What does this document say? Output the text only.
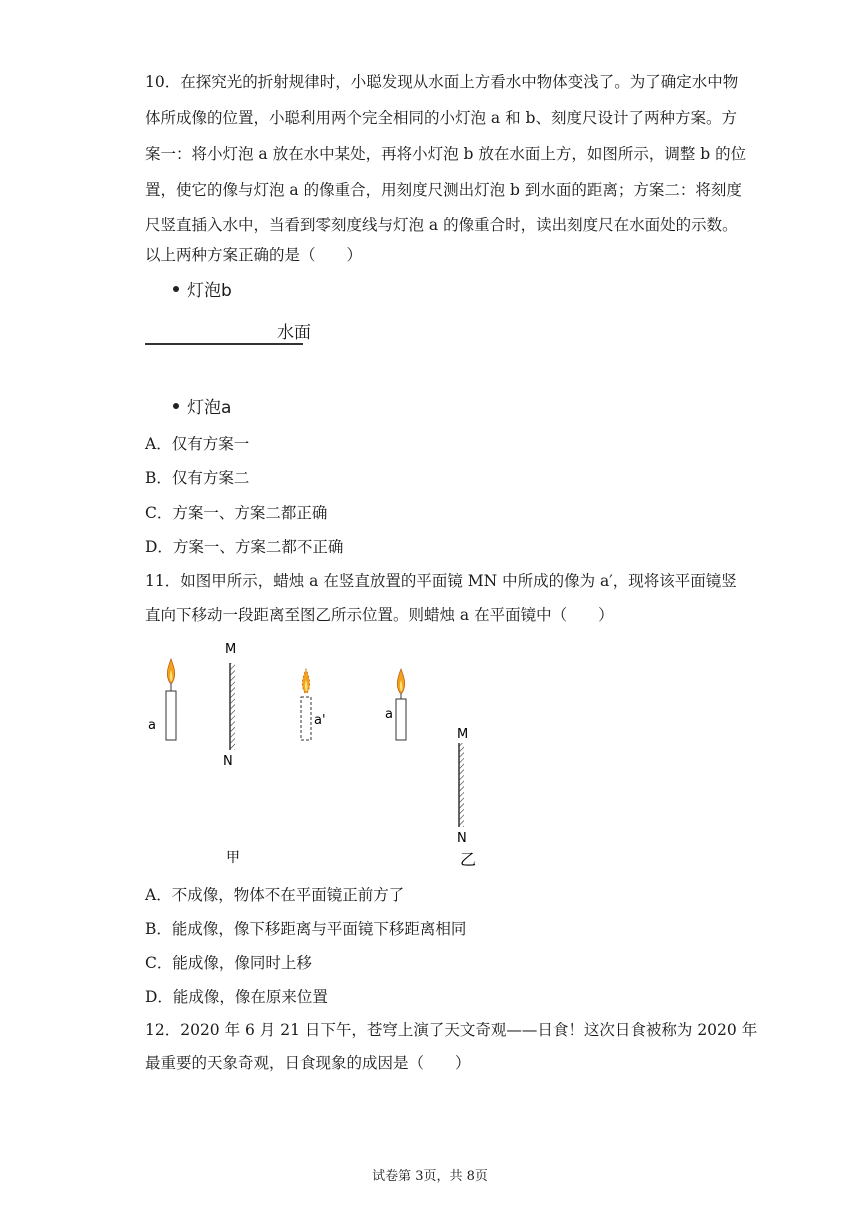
10．在探究光的折射规律时，小聪发现从水面上方看水中物体变浅了。为了确定水中物
体所成像的位置，小聪利用两个完全相同的小灯泡 a 和 b、刻度尺设计了两种方案。方
案一：将小灯泡 a 放在水中某处，再将小灯泡 b 放在水面上方，如图所示，调整 b 的位
置，使它的像与灯泡 a 的像重合，用刻度尺测出灯泡 b 到水面的距离；方案二：将刻度
尺竖直插入水中，当看到零刻度线与灯泡 a 的像重合时，读出刻度尺在水面处的示数。
以上两种方案正确的是（　　）
灯泡b
水面
灯泡a
A．仅有方案一
B．仅有方案二
C．方案一、方案二都正确
D．方案一、方案二都不正确
11．如图甲所示，蜡烛 a 在竖直放置的平面镜 MN 中所成的像为 a′，现将该平面镜竖
直向下移动一段距离至图乙所示位置。则蜡烛 a 在平面镜中（　　）
a
M
N
a'	a
M
N
甲	乙
A．不成像，物体不在平面镜正前方了
B．能成像，像下移距离与平面镜下移距离相同
C．能成像，像同时上移
D．能成像，像在原来位置
12．2020 年 6 月 21 日下午，苍穹上演了天文奇观——日食！这次日食被称为 2020 年
最重要的天象奇观，日食现象的成因是（　　）
试卷第 3页，共 8页
